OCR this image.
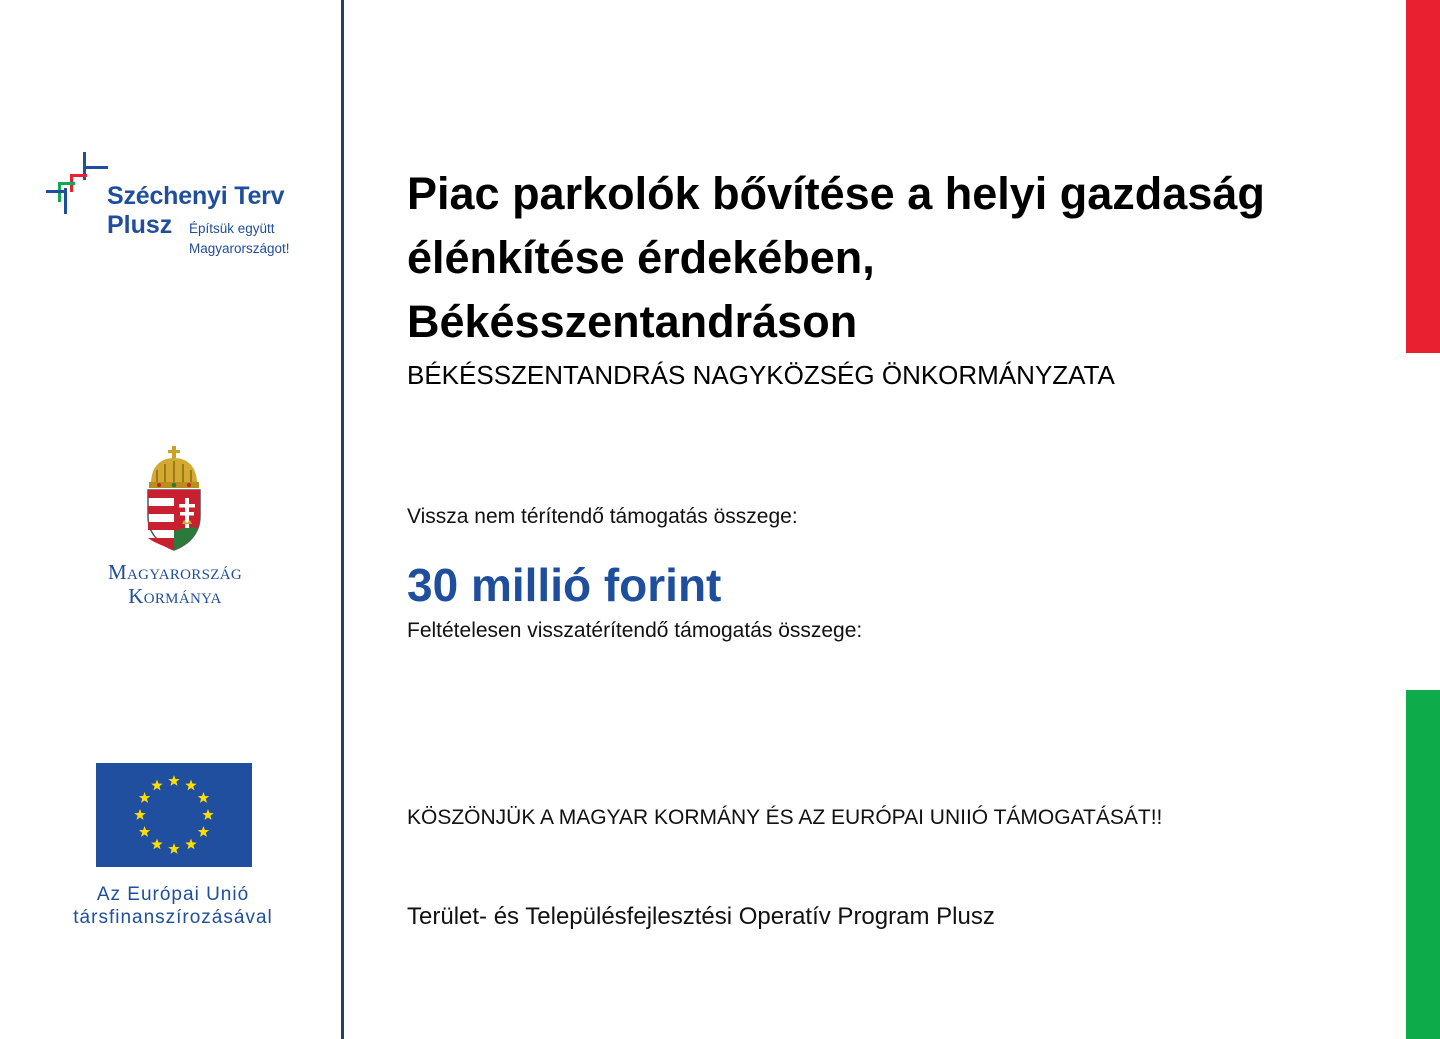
Széchenyi Terv
Plusz Építsük együtt
Magyarországot!
Magyarország
Kormánya
Az Európai Unió
társfinanszírozásával
Piac parkolók bővítése a helyi gazdaság
élénkítése érdekében,
Békésszentandráson
BÉKÉSSZENTANDRÁS NAGYKÖZSÉG ÖNKORMÁNYZATA
Vissza nem térítendő támogatás összege:
30 millió forint
Feltételesen visszatérítendő támogatás összege:
KÖSZÖNJÜK A MAGYAR KORMÁNY ÉS AZ EURÓPAI UNIIÓ TÁMOGATÁSÁT!!
Terület- és Településfejlesztési Operatív Program Plusz
